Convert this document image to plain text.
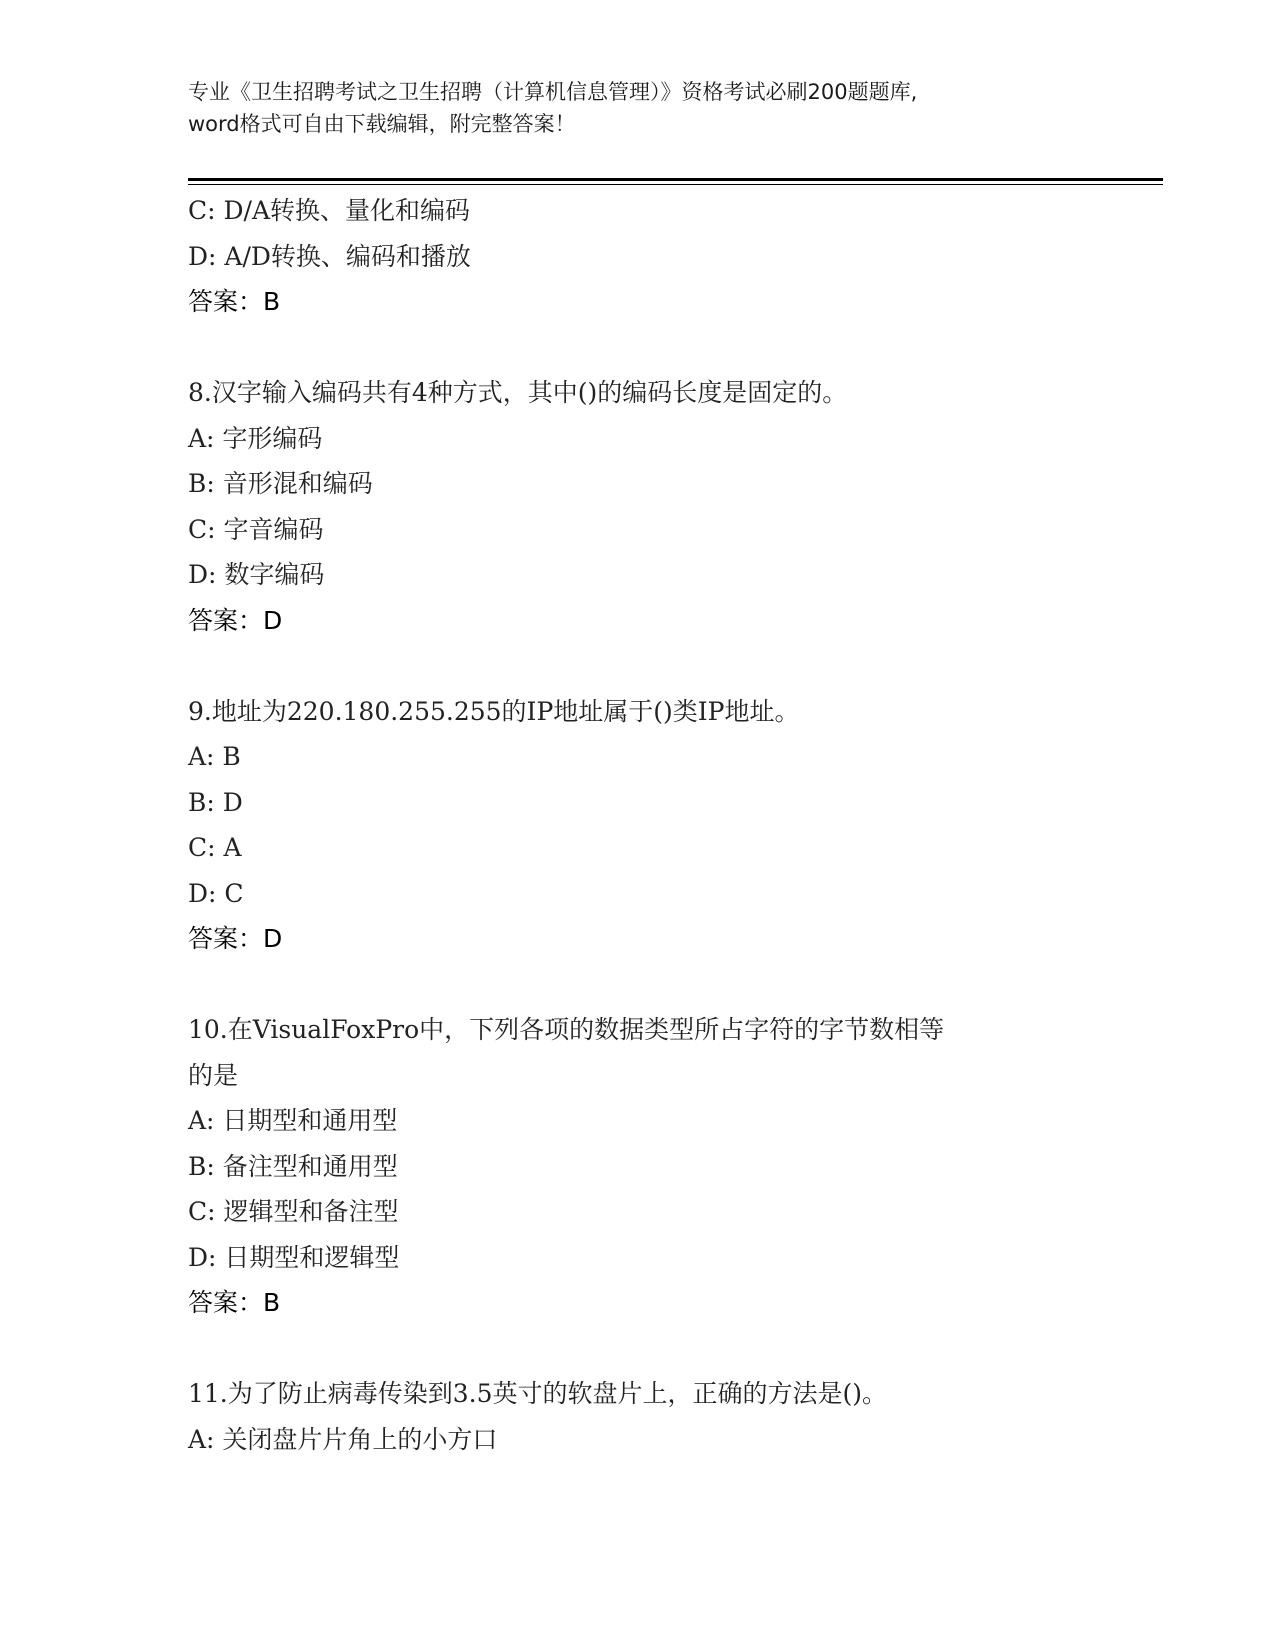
专业《卫生招聘考试之卫生招聘（计算机信息管理）》资格考试必刷200题题库,
word格式可自由下载编辑，附完整答案！
C: D/A转换、量化和编码
D: A/D转换、编码和播放
答案：B
8.汉字输入编码共有4种方式，其中()的编码长度是固定的。
A: 字形编码
B: 音形混和编码
C: 字音编码
D: 数字编码
答案：D
9.地址为220.180.255.255的IP地址属于()类IP地址。
A: B
B: D
C: A
D: C
答案：D
10.在VisualFoxPro中，下列各项的数据类型所占字符的字节数相等
的是
A: 日期型和通用型
B: 备注型和通用型
C: 逻辑型和备注型
D: 日期型和逻辑型
答案：B
11.为了防止病毒传染到3.5英寸的软盘片上，正确的方法是()。
A: 关闭盘片片角上的小方口
